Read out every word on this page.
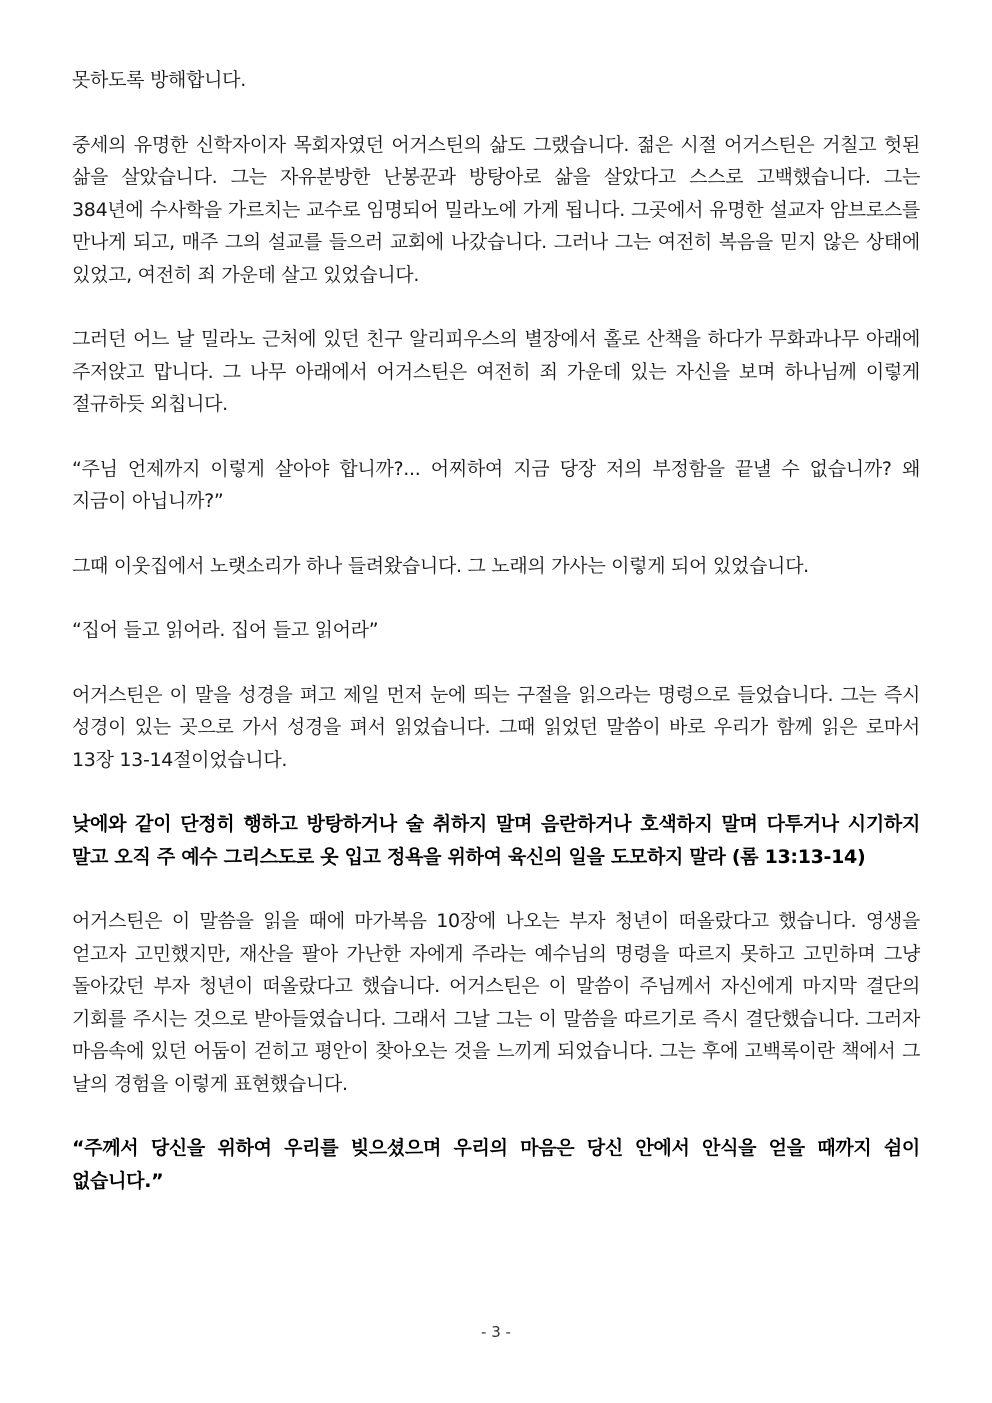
못하도록 방해합니다.

중세의 유명한 신학자이자 목회자였던 어거스틴의 삶도 그랬습니다. 젊은 시절 어거스틴은 거칠고 헛된 삶을 살았습니다. 그는 자유분방한 난봉꾼과 방탕아로 삶을 살았다고 스스로 고백했습니다. 그는 384년에 수사학을 가르치는 교수로 임명되어 밀라노에 가게 됩니다. 그곳에서 유명한 설교자 암브로스를 만나게 되고, 매주 그의 설교를 들으러 교회에 나갔습니다. 그러나 그는 여전히 복음을 믿지 않은 상태에 있었고, 여전히 죄 가운데 살고 있었습니다.

그러던 어느 날 밀라노 근처에 있던 친구 알리피우스의 별장에서 홀로 산책을 하다가 무화과나무 아래에 주저앉고 맙니다. 그 나무 아래에서 어거스틴은 여전히 죄 가운데 있는 자신을 보며 하나님께 이렇게 절규하듯 외칩니다.

“주님 언제까지 이렇게 살아야 합니까?... 어찌하여 지금 당장 저의 부정함을 끝낼 수 없습니까? 왜 지금이 아닙니까?”

그때 이웃집에서 노랫소리가 하나 들려왔습니다. 그 노래의 가사는 이렇게 되어 있었습니다.

“집어 들고 읽어라. 집어 들고 읽어라”

어거스틴은 이 말을 성경을 펴고 제일 먼저 눈에 띄는 구절을 읽으라는 명령으로 들었습니다. 그는 즉시 성경이 있는 곳으로 가서 성경을 펴서 읽었습니다. 그때 읽었던 말씀이 바로 우리가 함께 읽은 로마서 13장 13-14절이었습니다.

낮에와 같이 단정히 행하고 방탕하거나 술 취하지 말며 음란하거나 호색하지 말며 다투거나 시기하지 말고 오직 주 예수 그리스도로 옷 입고 정욕을 위하여 육신의 일을 도모하지 말라 (롬 13:13-14)

어거스틴은 이 말씀을 읽을 때에 마가복음 10장에 나오는 부자 청년이 떠올랐다고 했습니다. 영생을 얻고자 고민했지만, 재산을 팔아 가난한 자에게 주라는 예수님의 명령을 따르지 못하고 고민하며 그냥 돌아갔던 부자 청년이 떠올랐다고 했습니다. 어거스틴은 이 말씀이 주님께서 자신에게 마지막 결단의 기회를 주시는 것으로 받아들였습니다. 그래서 그날 그는 이 말씀을 따르기로 즉시 결단했습니다. 그러자 마음속에 있던 어둠이 걷히고 평안이 찾아오는 것을 느끼게 되었습니다. 그는 후에 고백록이란 책에서 그 날의 경험을 이렇게 표현했습니다.

“주께서 당신을 위하여 우리를 빚으셨으며 우리의 마음은 당신 안에서 안식을 얻을 때까지 쉼이 없습니다.”

- 3 -
